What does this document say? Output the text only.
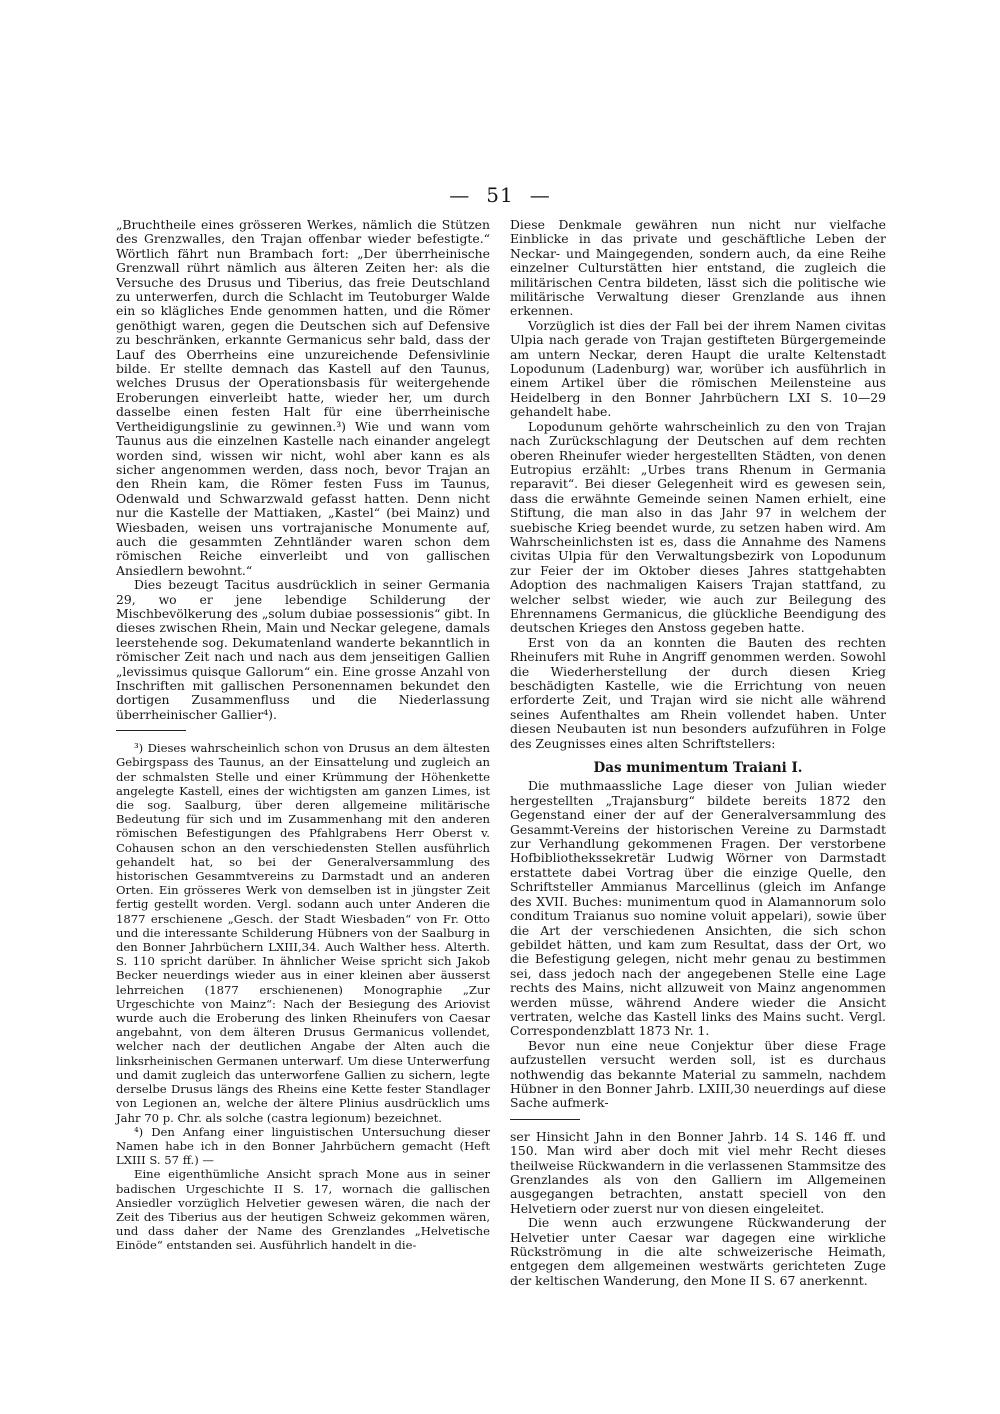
— 51 —

„Bruchtheile eines grösseren Werkes, nämlich die Stützen des Grenzwalles, den Trajan offenbar wieder befestigte.“ Wörtlich fährt nun Brambach fort: „Der überrheinische Grenzwall rührt nämlich aus älteren Zeiten her: als die Versuche des Drusus und Tiberius, das freie Deutschland zu unterwerfen, durch die Schlacht im Teutoburger Walde ein so klägliches Ende genommen hatten, und die Römer genöthigt waren, gegen die Deutschen sich auf Defensive zu beschränken, erkannte Germanicus sehr bald, dass der Lauf des Oberrheins eine unzureichende Defensivlinie bilde. Er stellte demnach das Kastell auf den Taunus, welches Drusus der Operationsbasis für weitergehende Eroberungen einverleibt hatte, wieder her, um durch dasselbe einen festen Halt für eine überrheinische Vertheidigungslinie zu gewinnen.³) Wie und wann vom Taunus aus die einzelnen Kastelle nach einander angelegt worden sind, wissen wir nicht, wohl aber kann es als sicher angenommen werden, dass noch, bevor Trajan an den Rhein kam, die Römer festen Fuss im Taunus, Odenwald und Schwarzwald gefasst hatten. Denn nicht nur die Kastelle der Mattiaken, „Kastel“ (bei Mainz) und Wiesbaden, weisen uns vortrajanische Monumente auf, auch die gesammten Zehntländer waren schon dem römischen Reiche einverleibt und von gallischen Ansiedlern bewohnt.“

Dies bezeugt Tacitus ausdrücklich in seiner Germania 29, wo er jene lebendige Schilderung der Mischbevölkerung des „solum dubiae possessionis“ gibt. In dieses zwischen Rhein, Main und Neckar gelegene, damals leerstehende sog. Dekumatenland wanderte bekanntlich in römischer Zeit nach und nach aus dem jenseitigen Gallien „levissimus quisque Gallorum“ ein. Eine grosse Anzahl von Inschriften mit gallischen Personennamen bekundet den dortigen Zusammenfluss und die Niederlassung überrheinischer Gallier⁴).

³) Dieses wahrscheinlich schon von Drusus an dem ältesten Gebirgspass des Taunus, an der Einsattelung und zugleich an der schmalsten Stelle und einer Krümmung der Höhenkette angelegte Kastell, eines der wichtigsten am ganzen Limes, ist die sog. Saalburg, über deren allgemeine militärische Bedeutung für sich und im Zusammenhang mit den anderen römischen Befestigungen des Pfahlgrabens Herr Oberst v. Cohausen schon an den verschiedensten Stellen ausführlich gehandelt hat, so bei der Generalversammlung des historischen Gesammtvereins zu Darmstadt und an anderen Orten. Ein grösseres Werk von demselben ist in jüngster Zeit fertig gestellt worden. Vergl. sodann auch unter Anderen die 1877 erschienene „Gesch. der Stadt Wiesbaden“ von Fr. Otto und die interessante Schilderung Hübners von der Saalburg in den Bonner Jahrbüchern LXIII,34. Auch Walther hess. Alterth. S. 110 spricht darüber. In ähnlicher Weise spricht sich Jakob Becker neuerdings wieder aus in einer kleinen aber äusserst lehrreichen (1877 erschienenen) Monographie „Zur Urgeschichte von Mainz“: Nach der Besiegung des Ariovist wurde auch die Eroberung des linken Rheinufers von Caesar angebahnt, von dem älteren Drusus Germanicus vollendet, welcher nach der deutlichen Angabe der Alten auch die linksrheinischen Germanen unterwarf. Um diese Unterwerfung und damit zugleich das unterworfene Gallien zu sichern, legte derselbe Drusus längs des Rheins eine Kette fester Standlager von Legionen an, welche der ältere Plinius ausdrücklich ums Jahr 70 p. Chr. als solche (castra legionum) bezeichnet.

⁴) Den Anfang einer linguistischen Untersuchung dieser Namen habe ich in den Bonner Jahrbüchern gemacht (Heft LXIII S. 57 ff.) —

Eine eigenthümliche Ansicht sprach Mone aus in seiner badischen Urgeschichte II S. 17, wornach die gallischen Ansiedler vorzüglich Helvetier gewesen wären, die nach der Zeit des Tiberius aus der heutigen Schweiz gekommen wären, und dass daher der Name des Grenzlandes „Helvetische Einöde“ entstanden sei. Ausführlich handelt in die-

Diese Denkmale gewähren nun nicht nur vielfache Einblicke in das private und geschäftliche Leben der Neckar- und Maingegenden, sondern auch, da eine Reihe einzelner Culturstätten hier entstand, die zugleich die militärischen Centra bildeten, lässt sich die politische wie militärische Verwaltung dieser Grenzlande aus ihnen erkennen.

Vorzüglich ist dies der Fall bei der ihrem Namen civitas Ulpia nach gerade von Trajan gestifteten Bürgergemeinde am untern Neckar, deren Haupt die uralte Keltenstadt Lopodunum (Ladenburg) war, worüber ich ausführlich in einem Artikel über die römischen Meilensteine aus Heidelberg in den Bonner Jahrbüchern LXI S. 10—29 gehandelt habe.

Lopodunum gehörte wahrscheinlich zu den von Trajan nach Zurückschlagung der Deutschen auf dem rechten oberen Rheinufer wieder hergestellten Städten, von denen Eutropius erzählt: „Urbes trans Rhenum in Germania reparavit“. Bei dieser Gelegenheit wird es gewesen sein, dass die erwähnte Gemeinde seinen Namen erhielt, eine Stiftung, die man also in das Jahr 97 in welchem der suebische Krieg beendet wurde, zu setzen haben wird. Am Wahrscheinlichsten ist es, dass die Annahme des Namens civitas Ulpia für den Verwaltungsbezirk von Lopodunum zur Feier der im Oktober dieses Jahres stattgehabten Adoption des nachmaligen Kaisers Trajan stattfand, zu welcher selbst wieder, wie auch zur Beilegung des Ehrennamens Germanicus, die glückliche Beendigung des deutschen Krieges den Anstoss gegeben hatte.

Erst von da an konnten die Bauten des rechten Rheinufers mit Ruhe in Angriff genommen werden. Sowohl die Wiederherstellung der durch diesen Krieg beschädigten Kastelle, wie die Errichtung von neuen erforderte Zeit, und Trajan wird sie nicht alle während seines Aufenthaltes am Rhein vollendet haben. Unter diesen Neubauten ist nun besonders aufzuführen in Folge des Zeugnisses eines alten Schriftstellers:

Das munimentum Traiani I.

Die muthmaassliche Lage dieser von Julian wieder hergestellten „Trajansburg“ bildete bereits 1872 den Gegenstand einer der auf der Generalversammlung des Gesammt-Vereins der historischen Vereine zu Darmstadt zur Verhandlung gekommenen Fragen. Der verstorbene Hofbibliothekssekretär Ludwig Wörner von Darmstadt erstattete dabei Vortrag über die einzige Quelle, den Schriftsteller Ammianus Marcellinus (gleich im Anfange des XVII. Buches: munimentum quod in Alamannorum solo conditum Traianus suo nomine voluit appelari), sowie über die Art der verschiedenen Ansichten, die sich schon gebildet hätten, und kam zum Resultat, dass der Ort, wo die Befestigung gelegen, nicht mehr genau zu bestimmen sei, dass jedoch nach der angegebenen Stelle eine Lage rechts des Mains, nicht allzuweit von Mainz angenommen werden müsse, während Andere wieder die Ansicht vertraten, welche das Kastell links des Mains sucht. Vergl. Correspondenzblatt 1873 Nr. 1.

Bevor nun eine neue Conjektur über diese Frage aufzustellen versucht werden soll, ist es durchaus nothwendig das bekannte Material zu sammeln, nachdem Hübner in den Bonner Jahrb. LXIII,30 neuerdings auf diese Sache aufmerk-

ser Hinsicht Jahn in den Bonner Jahrb. 14 S. 146 ff. und 150. Man wird aber doch mit viel mehr Recht dieses theilweise Rückwandern in die verlassenen Stammsitze des Grenzlandes als von den Galliern im Allgemeinen ausgegangen betrachten, anstatt speciell von den Helvetiern oder zuerst nur von diesen eingeleitet.

Die wenn auch erzwungene Rückwanderung der Helvetier unter Caesar war dagegen eine wirkliche Rückströmung in die alte schweizerische Heimath, entgegen dem allgemeinen westwärts gerichteten Zuge der keltischen Wanderung, den Mone II S. 67 anerkennt.
